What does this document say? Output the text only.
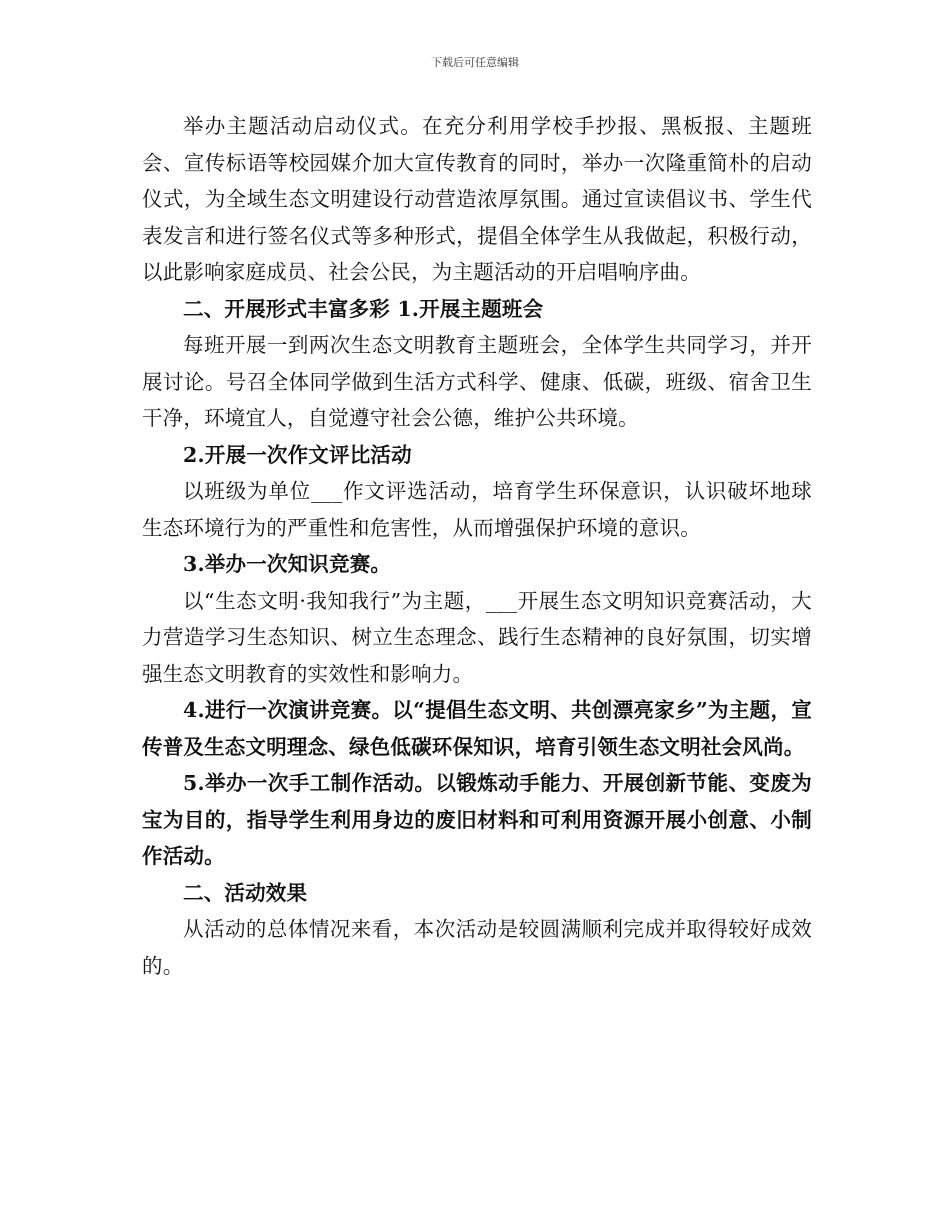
下载后可任意编辑

举办主题活动启动仪式。在充分利用学校手抄报、黑板报、主题班会、宣传标语等校园媒介加大宣传教育的同时，举办一次隆重简朴的启动仪式，为全域生态文明建设行动营造浓厚氛围。通过宣读倡议书、学生代表发言和进行签名仪式等多种形式，提倡全体学生从我做起，积极行动，以此影响家庭成员、社会公民，为主题活动的开启唱响序曲。

二、开展形式丰富多彩 1.开展主题班会

每班开展一到两次生态文明教育主题班会，全体学生共同学习，并开展讨论。号召全体同学做到生活方式科学、健康、低碳，班级、宿舍卫生干净，环境宜人，自觉遵守社会公德，维护公共环境。

2.开展一次作文评比活动

以班级为单位___作文评选活动，培育学生环保意识，认识破坏地球生态环境行为的严重性和危害性，从而增强保护环境的意识。

3.举办一次知识竞赛。

以“生态文明·我知我行”为主题，___开展生态文明知识竞赛活动，大力营造学习生态知识、树立生态理念、践行生态精神的良好氛围，切实增强生态文明教育的实效性和影响力。

4.进行一次演讲竞赛。以“提倡生态文明、共创漂亮家乡”为主题，宣传普及生态文明理念、绿色低碳环保知识，培育引领生态文明社会风尚。

5.举办一次手工制作活动。以锻炼动手能力、开展创新节能、变废为宝为目的，指导学生利用身边的废旧材料和可利用资源开展小创意、小制作活动。

二、活动效果

从活动的总体情况来看，本次活动是较圆满顺利完成并取得较好成效的。
